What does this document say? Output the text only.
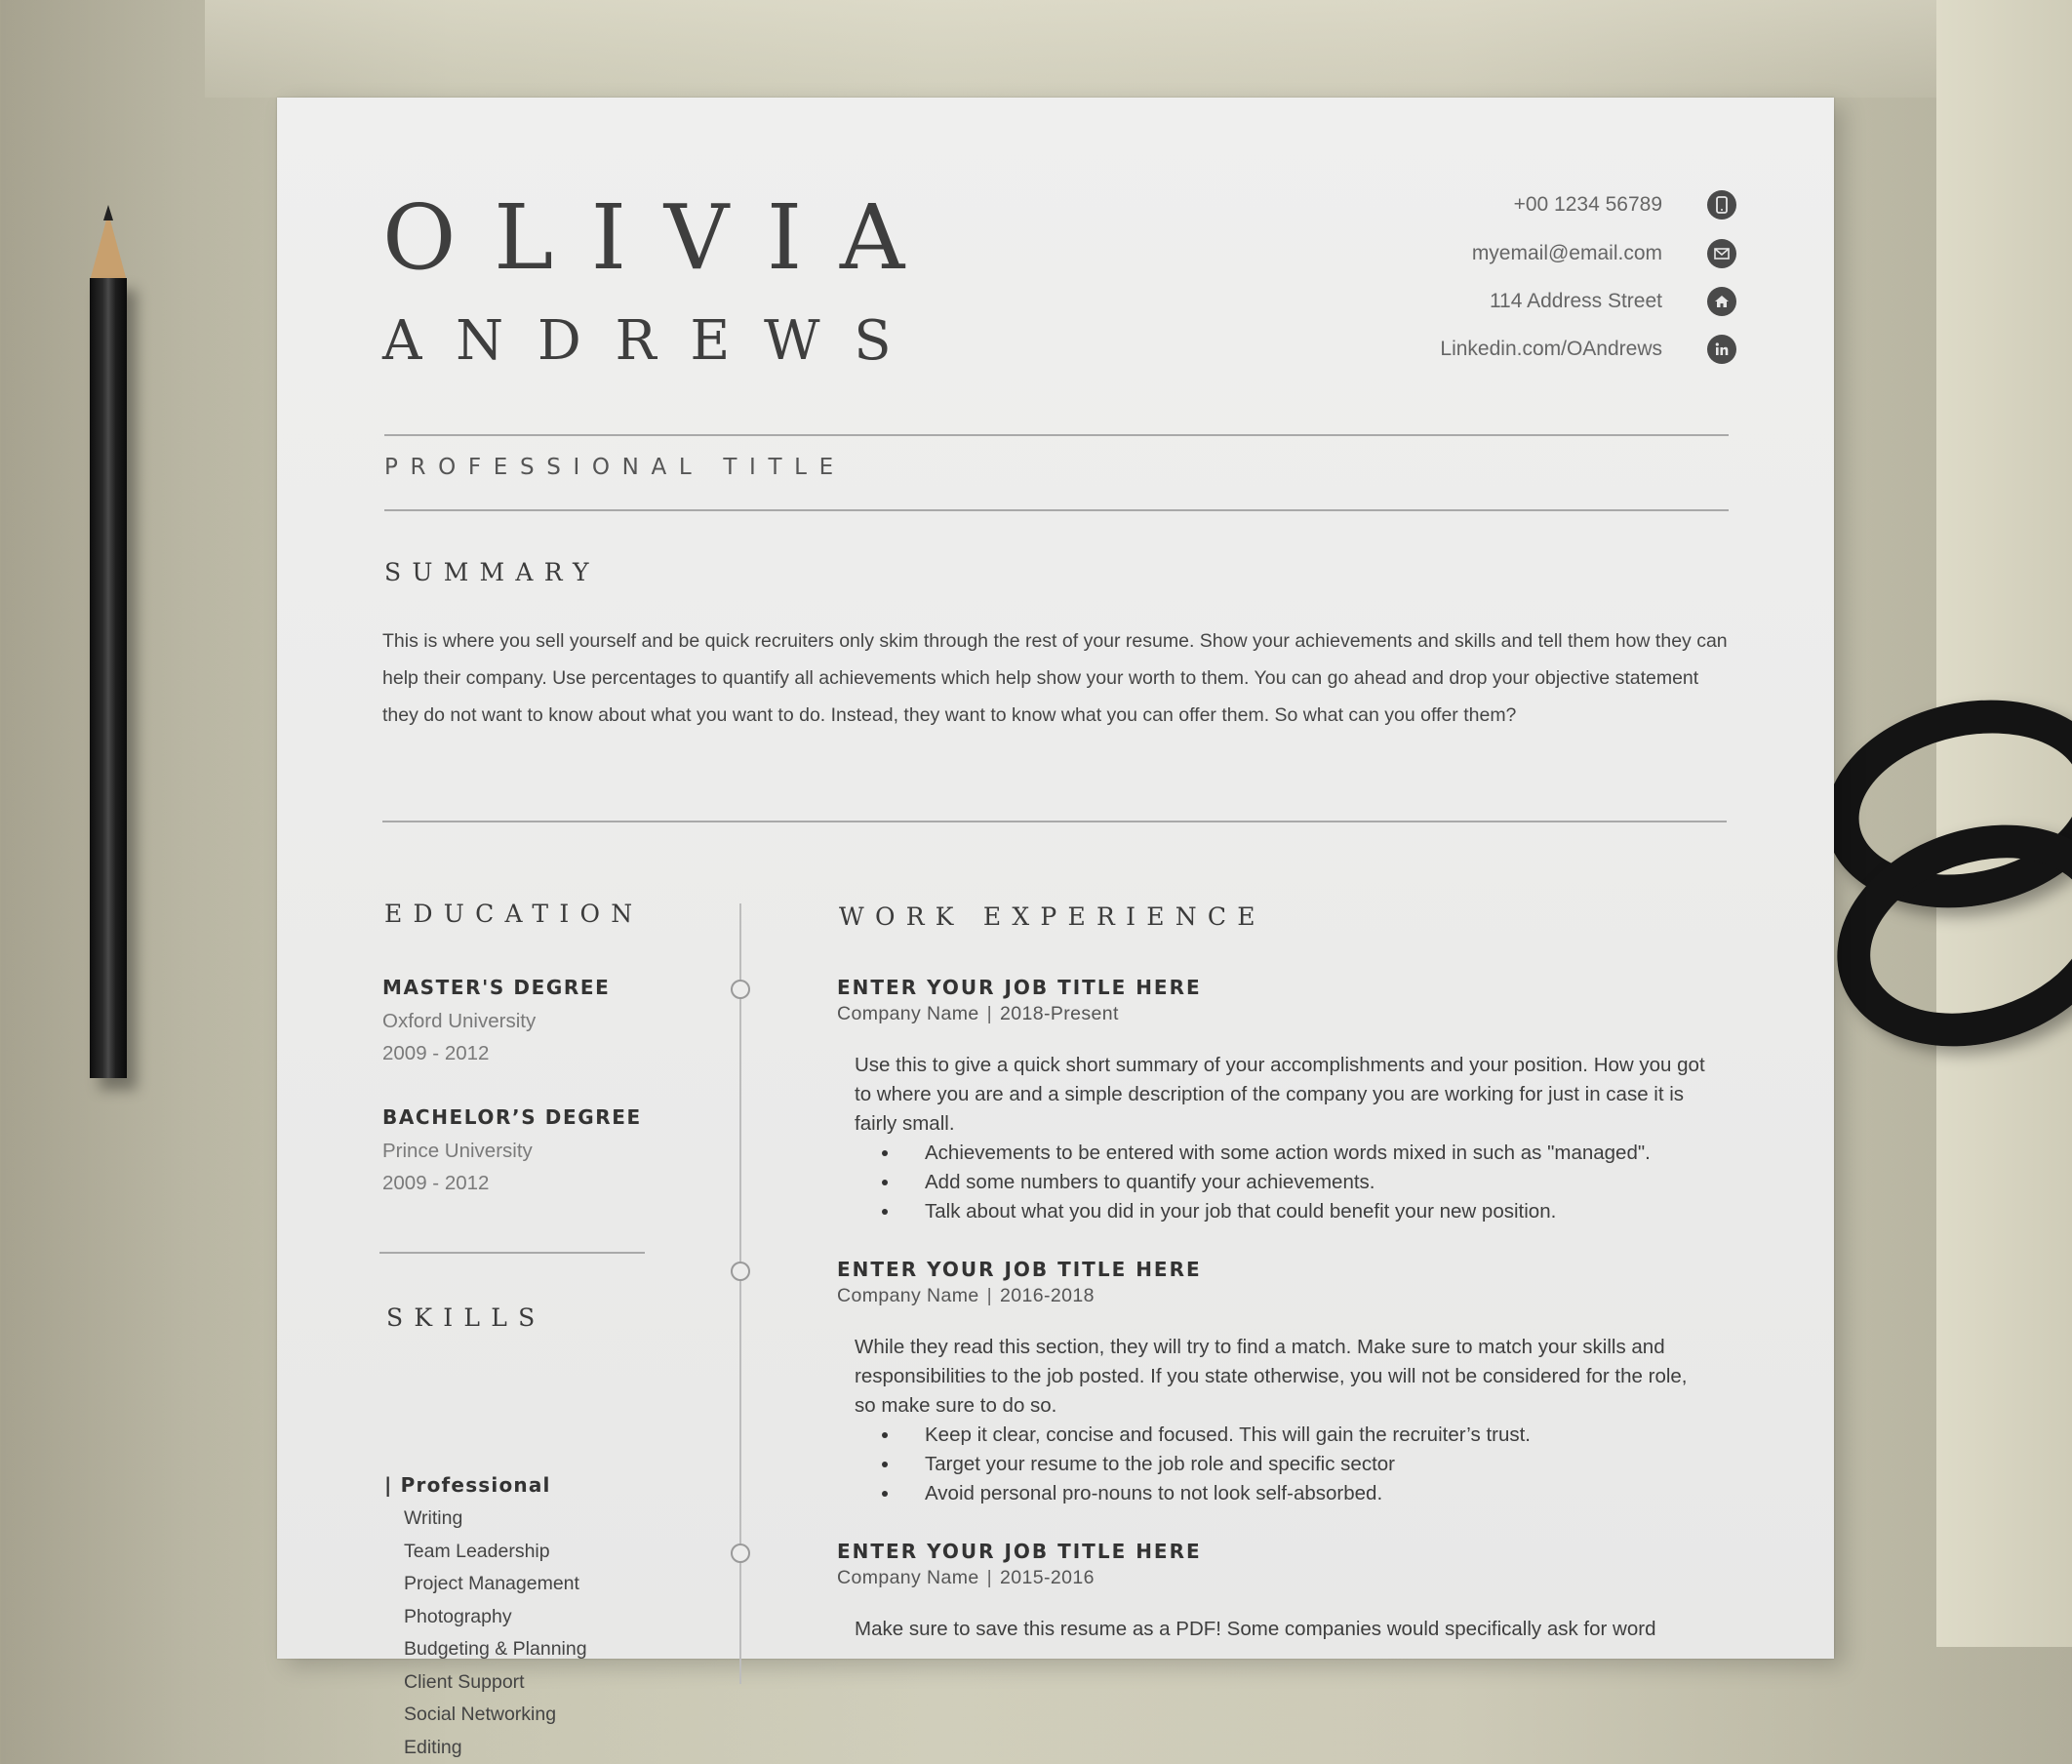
OLIVIA
ANDREWS
+00 1234 56789
myemail@email.com
114 Address Street
Linkedin.com/OAndrews
PROFESSIONAL TITLE
SUMMARY

This is where you sell yourself and be quick recruiters only skim through the rest of your resume. Show your achievements and skills and tell them how they can help their company. Use percentages to quantify all achievements which help show your worth to them. You can go ahead and drop your objective statement they do not want to know about what you want to do. Instead, they want to know what you can offer them. So what can you offer them?

EDUCATION

MASTER'S DEGREE

Oxford University

2009 - 2012

BACHELOR’S DEGREE

Prince University

2009 - 2012

SKILLS
| Professional
Writing
Team Leadership
Project Management
Photography
Budgeting & Planning
Client Support
Social Networking
Editing
WORK EXPERIENCE

ENTER YOUR JOB TITLE HERE

Company Name | 2018-Present

Use this to give a quick short summary of your accomplishments and your position. How you got to where you are and a simple description of the company you are working for just in case it is fairly small.

Achievements to be entered with some action words mixed in such as "managed".
Add some numbers to quantify your achievements.
Talk about what you did in your job that could benefit your new position.

ENTER YOUR JOB TITLE HERE

Company Name | 2016-2018

While they read this section, they will try to find a match. Make sure to match your skills and responsibilities to the job posted. If you state otherwise, you will not be considered for the role, so make sure to do so.

Keep it clear, concise and focused. This will gain the recruiter’s trust.
Target your resume to the job role and specific sector
Avoid personal pro-nouns to not look self-absorbed.

ENTER YOUR JOB TITLE HERE

Company Name | 2015-2016

Make sure to save this resume as a PDF! Some companies would specifically ask for word
